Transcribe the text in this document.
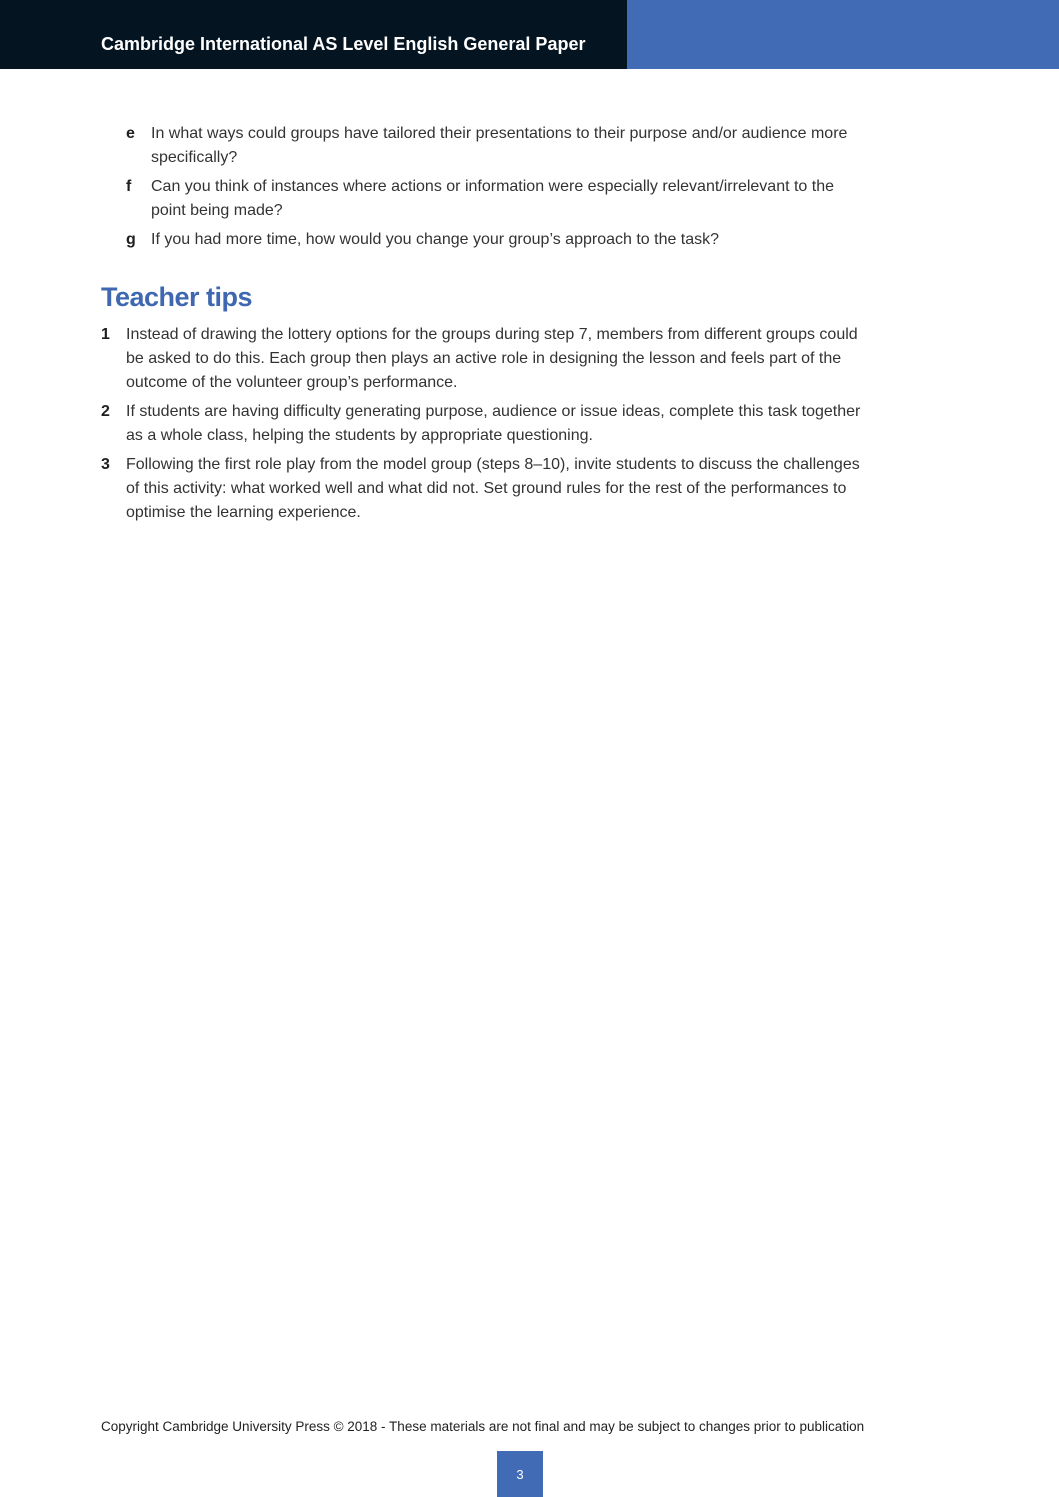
Cambridge International AS Level English General Paper
e	In what ways could groups have tailored their presentations to their purpose and/or audience more specifically?
f	Can you think of instances where actions or information were especially relevant/irrelevant to the point being made?
g If you had more time, how would you change your group’s approach to the task?
Teacher tips
1	Instead of drawing the lottery options for the groups during step 7, members from different groups could be asked to do this. Each group then plays an active role in designing the lesson and feels part of the outcome of the volunteer group’s performance.
2	If students are having difficulty generating purpose, audience or issue ideas, complete this task together as a whole class, helping the students by appropriate questioning.
3	Following the first role play from the model group (steps 8–10), invite students to discuss the challenges of this activity: what worked well and what did not. Set ground rules for the rest of the performances to optimise the learning experience.
Copyright Cambridge University Press © 2018 - These materials are not final and may be subject to changes prior to publication
3
